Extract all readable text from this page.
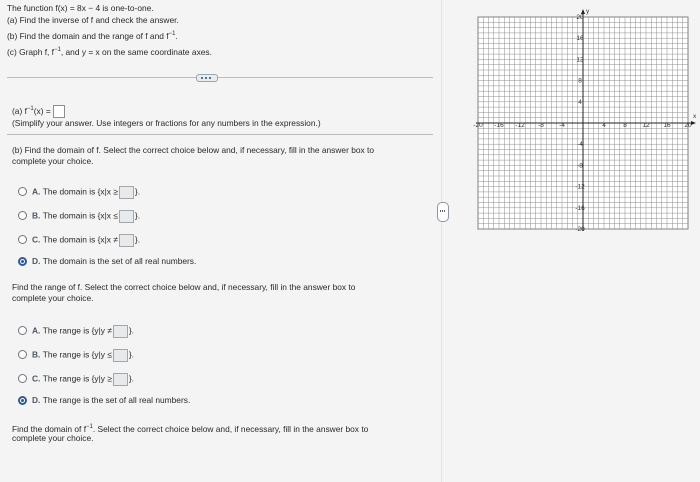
The function f(x) = 8x − 4 is one-to-one.
(a) Find the inverse of f and check the answer.
(b) Find the domain and the range of f and $f^{-1}$.
(c) Graph f, $f^{-1}$, and y = x on the same coordinate axes.
(a) $f^{-1}(x)$ =
(Simplify your answer. Use integers or fractions for any numbers in the expression.)
(b) Find the domain of f. Select the correct choice below and, if necessary, fill in the answer box to
complete your choice.
A. The domain is {x|x ≥ }.
B. The domain is {x|x ≤ }.
C. The domain is {x|x ≠ }.
D. The domain is the set of all real numbers.
Find the range of f. Select the correct choice below and, if necessary, fill in the answer box to
complete your choice.
A. The range is {y|y ≠ }.
B. The range is {y|y ≤ }.
C. The range is {y|y ≥ }.
D. The range is the set of all real numbers.
Find the domain of $f^{-1}$. Select the correct choice below and, if necessary, fill in the answer box to
complete your choice.
-20 -16 -12 -8 -4	4	8 12 16 20
20
16
12
8
4
-4
-8
-12
-16
-20
x
y
